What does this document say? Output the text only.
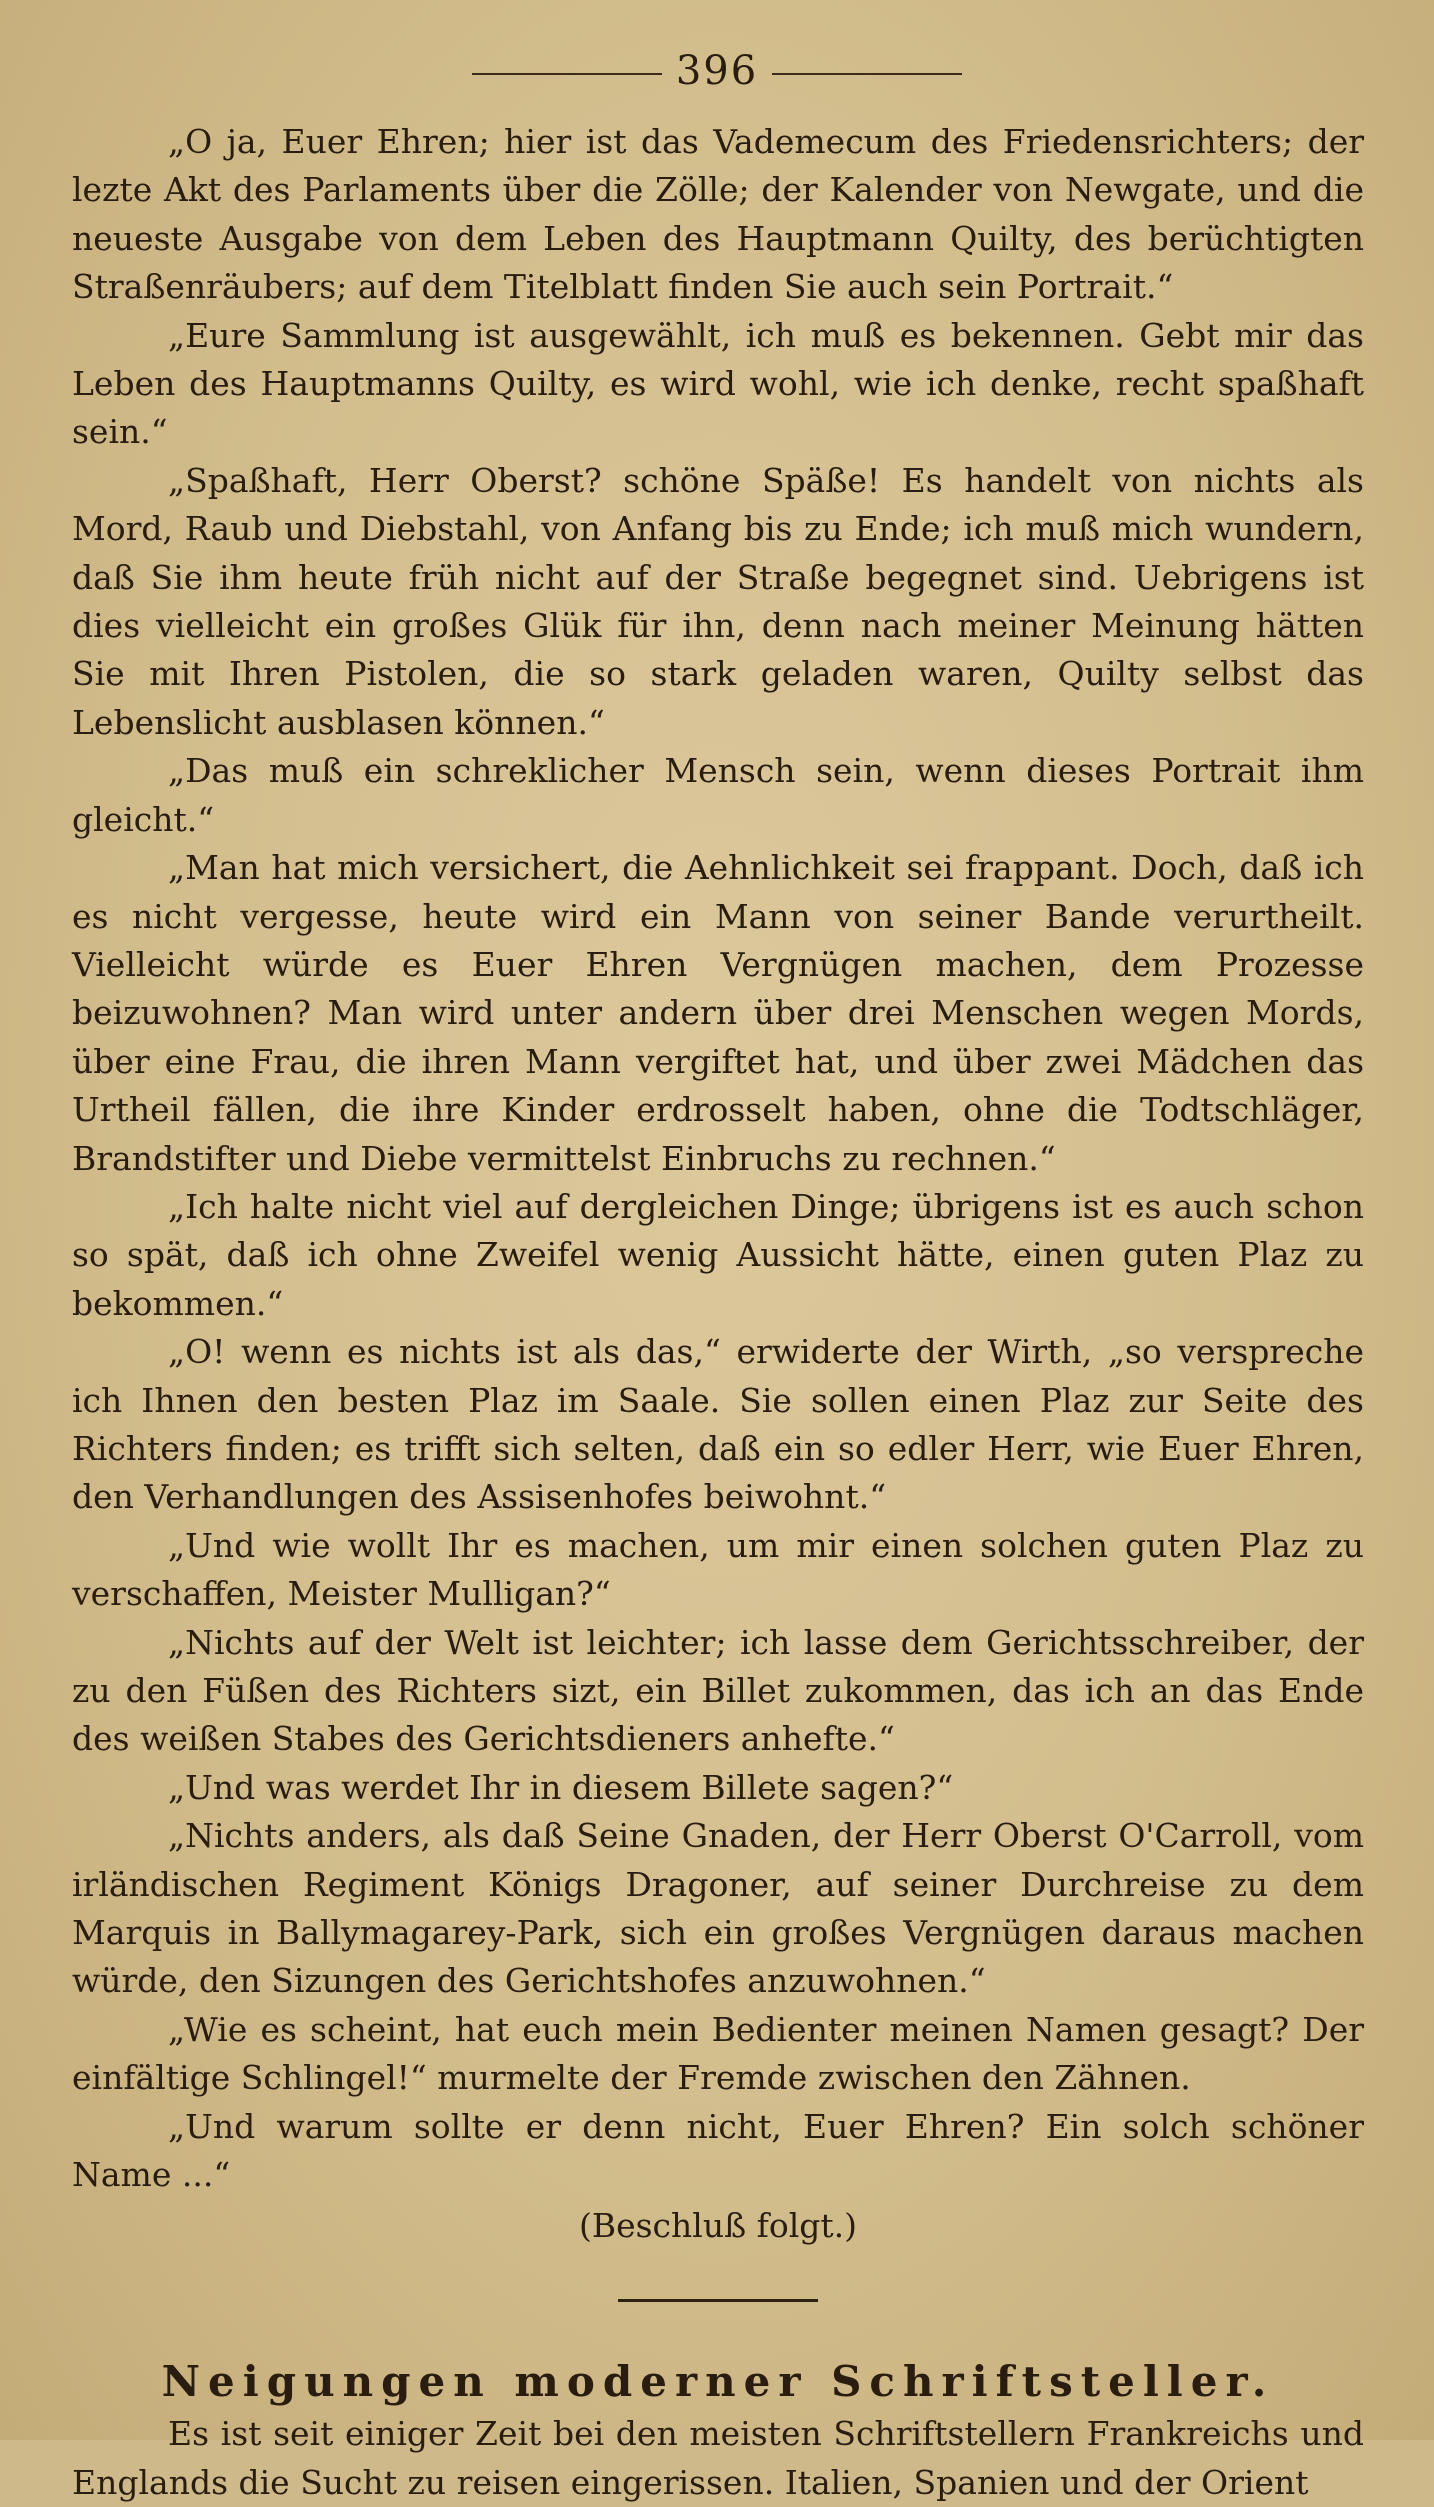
396

„O ja, Euer Ehren; hier ist das Vademecum des Friedensrichters; der lezte Akt des Parlaments über die Zölle; der Kalender von Newgate, und die neueste Ausgabe von dem Leben des Hauptmann Quilty, des berüchtigten Straßenräubers; auf dem Titelblatt finden Sie auch sein Portrait.“

„Eure Sammlung ist ausgewählt, ich muß es bekennen. Gebt mir das Leben des Hauptmanns Quilty, es wird wohl, wie ich denke, recht spaßhaft sein.“

„Spaßhaft, Herr Oberst? schöne Späße! Es handelt von nichts als Mord, Raub und Diebstahl, von Anfang bis zu Ende; ich muß mich wundern, daß Sie ihm heute früh nicht auf der Straße begegnet sind. Uebrigens ist dies vielleicht ein großes Glük für ihn, denn nach meiner Meinung hätten Sie mit Ihren Pistolen, die so stark geladen waren, Quilty selbst das Lebenslicht ausblasen können.“

„Das muß ein schreklicher Mensch sein, wenn dieses Portrait ihm gleicht.“

„Man hat mich versichert, die Aehnlichkeit sei frappant. Doch, daß ich es nicht vergesse, heute wird ein Mann von seiner Bande verurtheilt. Vielleicht würde es Euer Ehren Vergnügen machen, dem Prozesse beizuwohnen? Man wird unter andern über drei Menschen wegen Mords, über eine Frau, die ihren Mann vergiftet hat, und über zwei Mädchen das Urtheil fällen, die ihre Kinder erdrosselt haben, ohne die Todtschläger, Brandstifter und Diebe vermittelst Einbruchs zu rechnen.“

„Ich halte nicht viel auf dergleichen Dinge; übrigens ist es auch schon so spät, daß ich ohne Zweifel wenig Aussicht hätte, einen guten Plaz zu bekommen.“

„O! wenn es nichts ist als das,“ erwiderte der Wirth, „so verspreche ich Ihnen den besten Plaz im Saale. Sie sollen einen Plaz zur Seite des Richters finden; es trifft sich selten, daß ein so edler Herr, wie Euer Ehren, den Verhandlungen des Assisenhofes beiwohnt.“

„Und wie wollt Ihr es machen, um mir einen solchen guten Plaz zu verschaffen, Meister Mulligan?“

„Nichts auf der Welt ist leichter; ich lasse dem Gerichtsschreiber, der zu den Füßen des Richters sizt, ein Billet zukommen, das ich an das Ende des weißen Stabes des Gerichtsdieners anhefte.“

„Und was werdet Ihr in diesem Billete sagen?“

„Nichts anders, als daß Seine Gnaden, der Herr Oberst O'Carroll, vom irländischen Regiment Königs Dragoner, auf seiner Durchreise zu dem Marquis in Ballymagarey-Park, sich ein großes Vergnügen daraus machen würde, den Sizungen des Gerichtshofes anzuwohnen.“

„Wie es scheint, hat euch mein Bedienter meinen Namen gesagt? Der einfältige Schlingel!“ murmelte der Fremde zwischen den Zähnen.

„Und warum sollte er denn nicht, Euer Ehren? Ein solch schöner Name ...“

(Beschluß folgt.)
Neigungen moderner Schriftsteller.

Es ist seit einiger Zeit bei den meisten Schriftstellern Frankreichs und Englands die Sucht zu reisen eingerissen. Italien, Spanien und der Orient
